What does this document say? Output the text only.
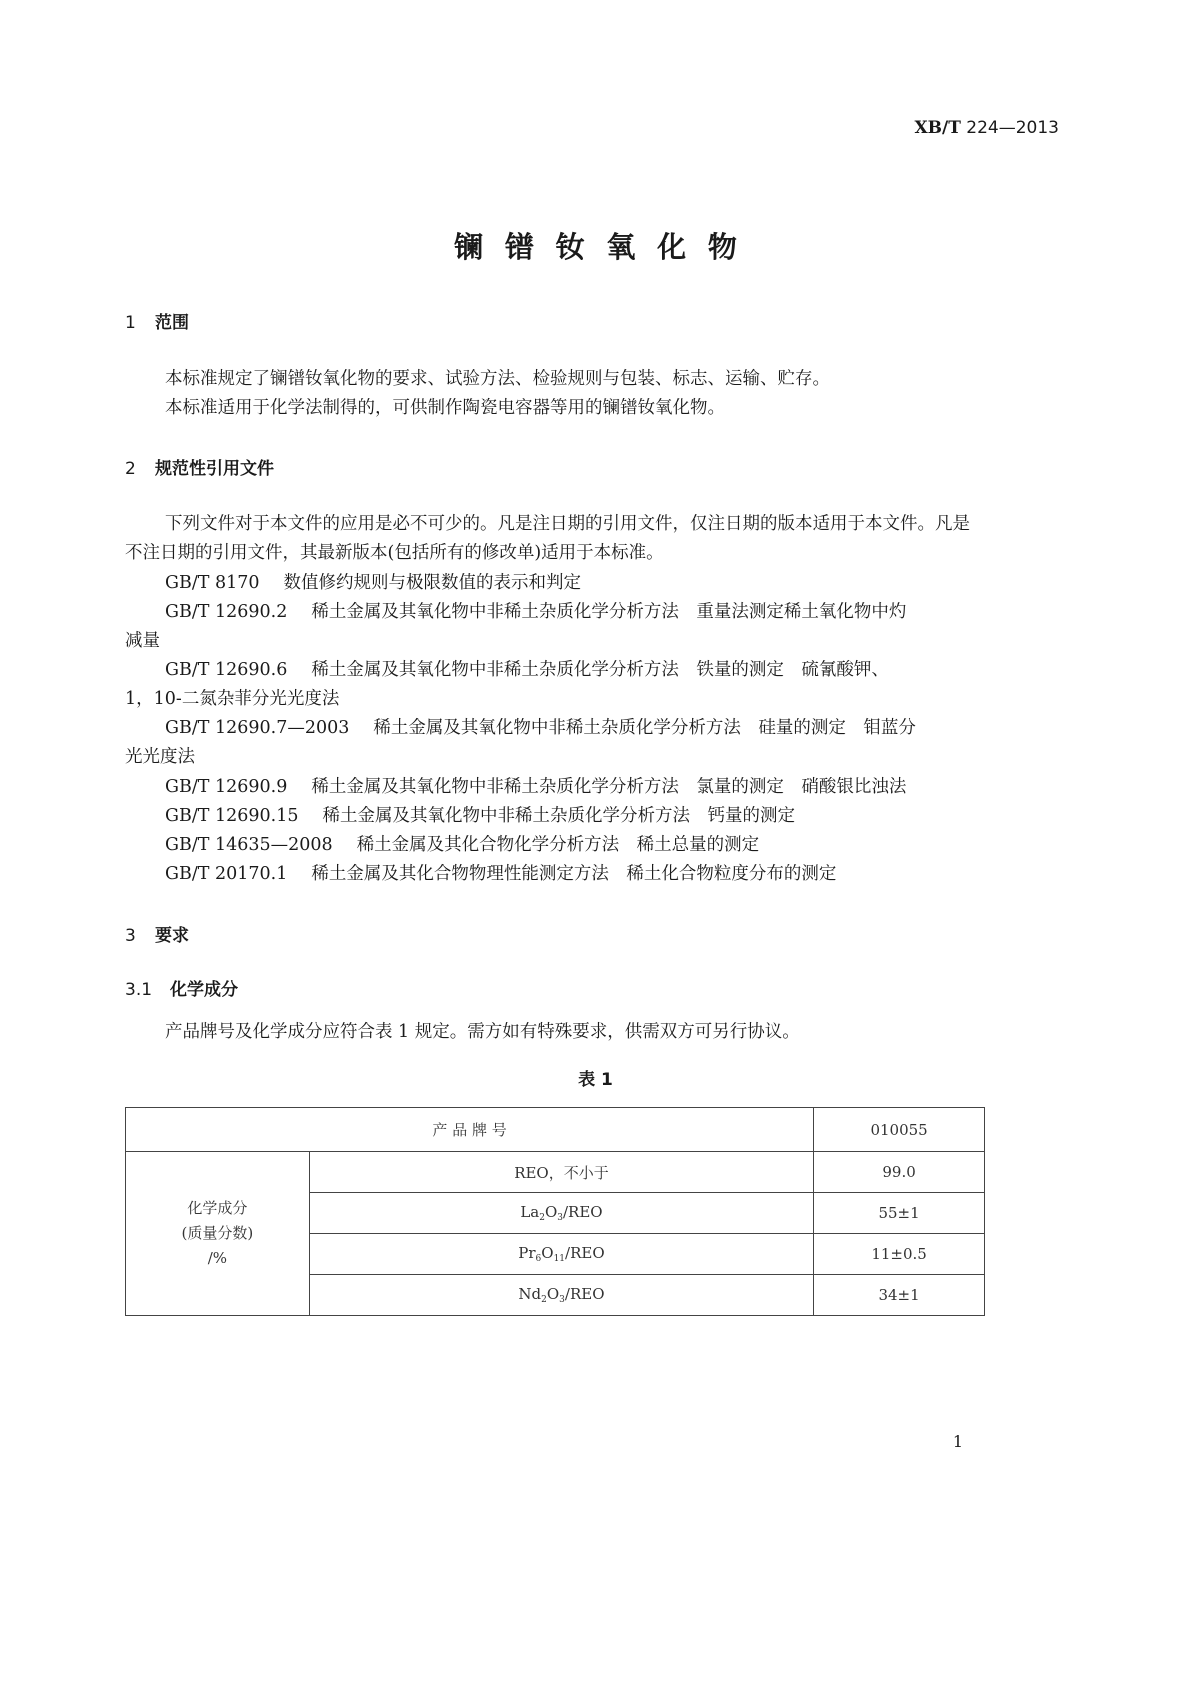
XB/T 224—2013
镧镨钕氧化物
1 范围
本标准规定了镧镨钕氧化物的要求、试验方法、检验规则与包装、标志、运输、贮存。
本标准适用于化学法制得的，可供制作陶瓷电容器等用的镧镨钕氧化物。
2 规范性引用文件
下列文件对于本文件的应用是必不可少的。凡是注日期的引用文件，仅注日期的版本适用于本文件。凡是不注日期的引用文件，其最新版本(包括所有的修改单)适用于本标准。
GB/T 8170 数值修约规则与极限数值的表示和判定
GB/T 12690.2 稀土金属及其氧化物中非稀土杂质化学分析方法　重量法测定稀土氧化物中灼
减量
GB/T 12690.6 稀土金属及其氧化物中非稀土杂质化学分析方法　铁量的测定　硫氰酸钾、
1，10-二氮杂菲分光光度法
GB/T 12690.7—2003 稀土金属及其氧化物中非稀土杂质化学分析方法　硅量的测定　钼蓝分
光光度法
GB/T 12690.9 稀土金属及其氧化物中非稀土杂质化学分析方法　氯量的测定　硝酸银比浊法
GB/T 12690.15 稀土金属及其氧化物中非稀土杂质化学分析方法　钙量的测定
GB/T 14635—2008 稀土金属及其化合物化学分析方法　稀土总量的测定
GB/T 20170.1 稀土金属及其化合物物理性能测定方法　稀土化合物粒度分布的测定
3 要求
3.1 化学成分
产品牌号及化学成分应符合表 1 规定。需方如有特殊要求，供需双方可另行协议。
表 1
产 品 牌 号		010055

化学成分
(质量分数)
/%	REO，不小于	99.0
	$La_2O_3$/REO	55±1
	$Pr_6O_{11}$/REO	11±0.5
	$Nd_2O_3$/REO	34±1
1
